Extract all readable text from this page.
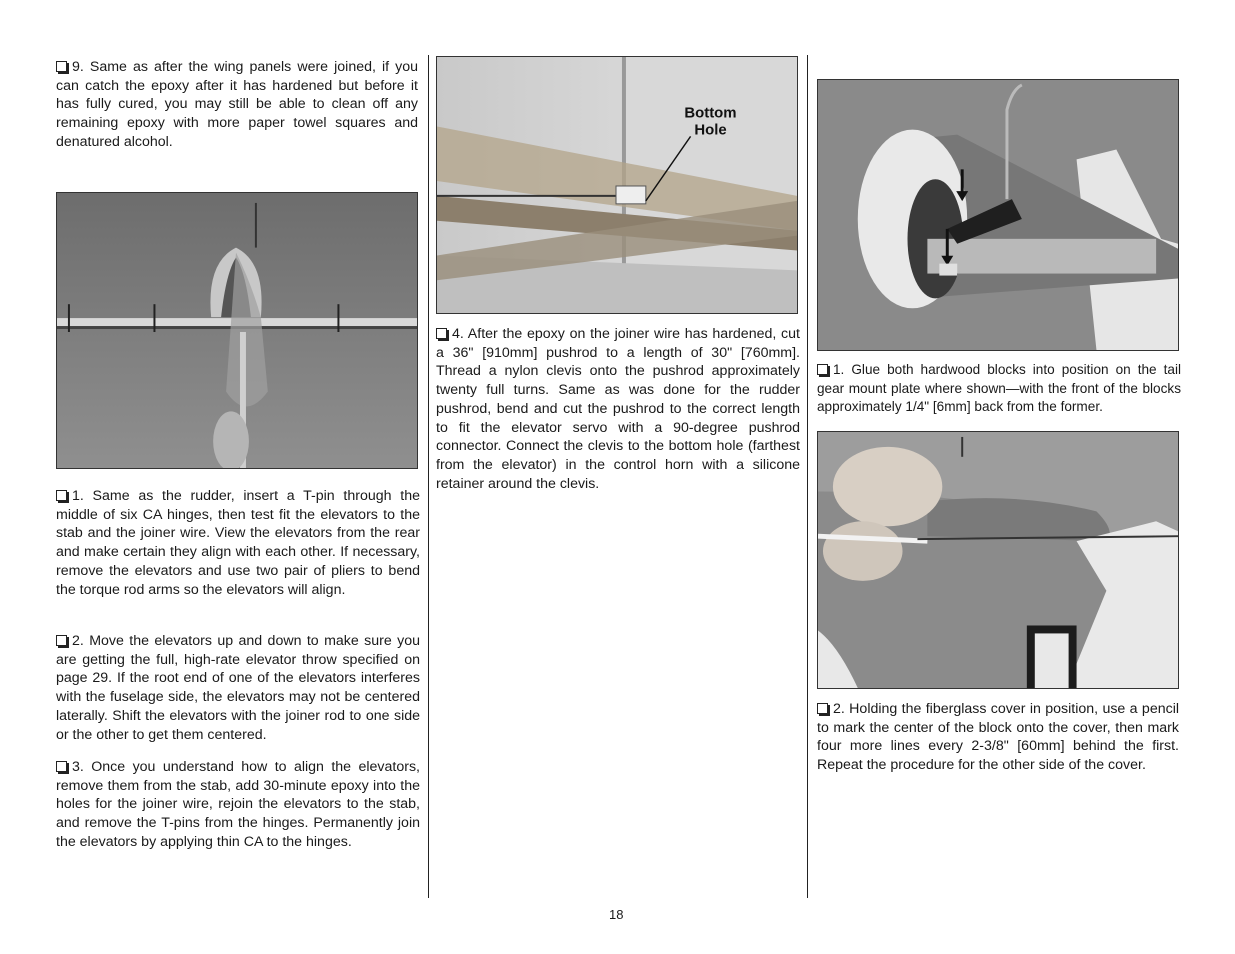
9. Same as after the wing panels were joined, if you can catch the epoxy after it has hardened but before it has fully cured, you may still be able to clean off any remaining epoxy with more paper towel squares and denatured alcohol.

1. Same as the rudder, insert a T-pin through the middle of six CA hinges, then test fit the elevators to the stab and the joiner wire. View the elevators from the rear and make certain they align with each other. If necessary, remove the elevators and use two pair of pliers to bend the torque rod arms so the elevators will align.

2. Move the elevators up and down to make sure you are getting the full, high-rate elevator throw specified on page 29. If the root end of one of the elevators interferes with the fuselage side, the elevators may not be centered laterally. Shift the elevators with the joiner rod to one side or the other to get them centered.

3. Once you understand how to align the elevators, remove them from the stab, add 30-minute epoxy into the holes for the joiner wire, rejoin the elevators to the stab, and remove the T-pins from the hinges. Permanently join the elevators by applying thin CA to the hinges.

Bottom
Hole

4. After the epoxy on the joiner wire has hardened, cut a 36" [910mm] pushrod to a length of 30" [760mm]. Thread a nylon clevis onto the pushrod approximately twenty full turns. Same as was done for the rudder pushrod, bend and cut the pushrod to the correct length to fit the elevator servo with a 90-degree pushrod connector. Connect the clevis to the bottom hole (farthest from the elevator) in the control horn with a silicone retainer around the clevis.

1. Glue both hardwood blocks into position on the tail gear mount plate where shown—with the front of the blocks approximately 1/4" [6mm] back from the former.

2. Holding the fiberglass cover in position, use a pencil to mark the center of the block onto the cover, then mark four more lines every 2-3/8" [60mm] behind the first. Repeat the procedure for the other side of the cover.

18
